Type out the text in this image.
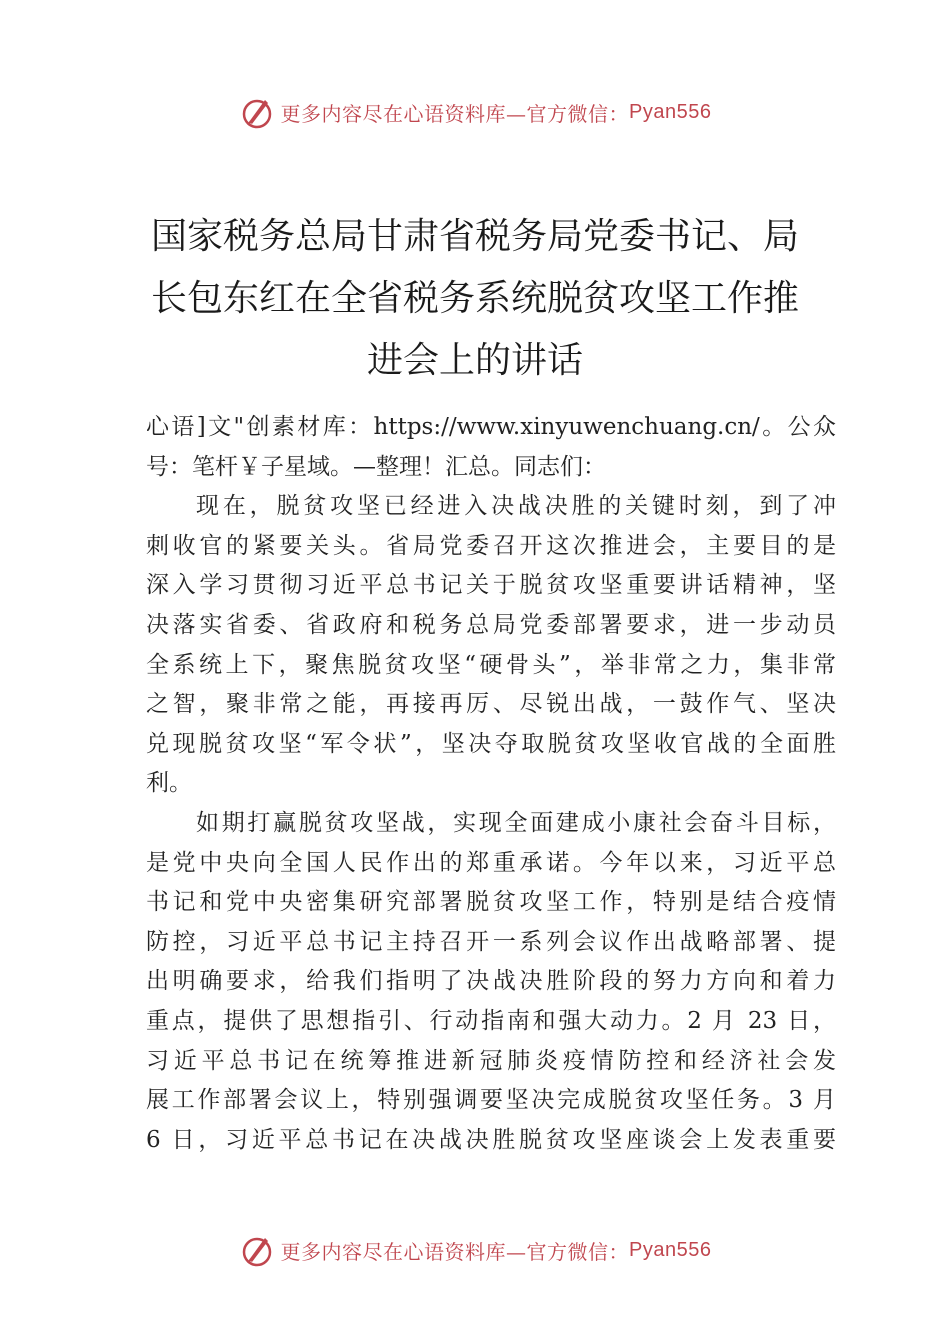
更多内容尽在心语资料库—官方微信： Pyan556
国家税务总局甘肃省税务局党委书记、局
长包东红在全省税务系统脱贫攻坚工作推
进会上的讲话
心语]文"创素材库：https://www.xinyuwenchuang.cn/。公众
号：笔杆￥子星域。—整理！汇总。同志们：
现在，脱贫攻坚已经进入决战决胜的关键时刻，到了冲
刺收官的紧要关头。省局党委召开这次推进会，主要目的是
深入学习贯彻习近平总书记关于脱贫攻坚重要讲话精神，坚
决落实省委、省政府和税务总局党委部署要求，进一步动员
全系统上下，聚焦脱贫攻坚“硬骨头”，举非常之力，集非常
之智，聚非常之能，再接再厉、尽锐出战，一鼓作气、坚决
兑现脱贫攻坚“军令状”，坚决夺取脱贫攻坚收官战的全面胜
利。
如期打赢脱贫攻坚战，实现全面建成小康社会奋斗目标，
是党中央向全国人民作出的郑重承诺。今年以来，习近平总
书记和党中央密集研究部署脱贫攻坚工作，特别是结合疫情
防控，习近平总书记主持召开一系列会议作出战略部署、提
出明确要求，给我们指明了决战决胜阶段的努力方向和着力
重点，提供了思想指引、行动指南和强大动力。2 月 23 日，
习近平总书记在统筹推进新冠肺炎疫情防控和经济社会发
展工作部署会议上，特别强调要坚决完成脱贫攻坚任务。3 月
6 日，习近平总书记在决战决胜脱贫攻坚座谈会上发表重要
更多内容尽在心语资料库—官方微信： Pyan556
